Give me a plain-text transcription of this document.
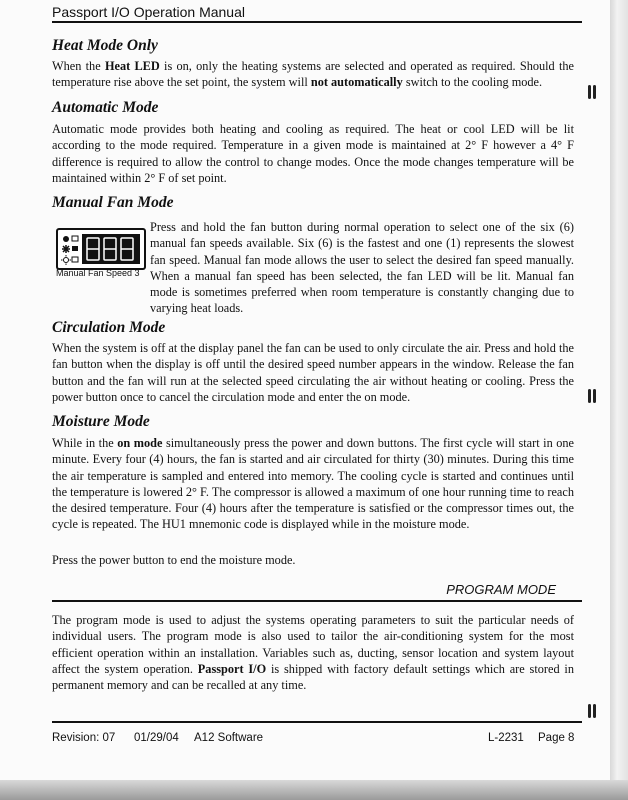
Passport I/O Operation Manual
Heat Mode Only

When the Heat LED is on, only the heating systems are selected and operated as required. Should the temperature rise above the set point, the system will not automatically switch to the cooling mode.

Automatic Mode

Automatic mode provides both heating and cooling as required. The heat or cool LED will be lit according to the mode required. Temperature in a given mode is maintained at 2° F however a 4° F difference is required to allow the control to change modes. Once the mode changes temperature will be maintained within 2° F of set point.

Manual Fan Mode
Manual Fan Speed 3

Press and hold the fan button during normal operation to select one of the six (6) manual fan speeds available. Six (6) is the fastest and one (1) represents the slowest fan speed. Manual fan mode allows the user to select the desired fan speed manually. When a manual fan speed has been selected, the fan LED will be lit. Manual fan mode is sometimes preferred when room temperature is constantly changing due to varying heat loads.

Circulation Mode

When the system is off at the display panel the fan can be used to only circulate the air. Press and hold the fan button when the display is off until the desired speed number appears in the window. Release the fan button and the fan will run at the selected speed circulating the air without heating or cooling. Press the power button once to cancel the circulation mode and enter the on mode.

Moisture Mode

While in the on mode simultaneously press the power and down buttons. The first cycle will start in one minute. Every four (4) hours, the fan is started and air circulated for thirty (30) minutes. During this time the air temperature is sampled and entered into memory. The cooling cycle is started and continues until the temperature is lowered 2° F. The compressor is allowed a maximum of one hour running time to reach the desired temperature. Four (4) hours after the temperature is satisfied or the compressor times out, the cycle is repeated. The HU1 mnemonic code is displayed while in the moisture mode.

Press the power button to end the moisture mode.

PROGRAM MODE

The program mode is used to adjust the systems operating parameters to suit the particular needs of individual users. The program mode is also used to tailor the air-conditioning system for the most efficient operation within an installation. Variables such as, ducting, sensor location and system layout affect the system operation. Passport I/O is shipped with factory default settings which are stored in permanent memory and can be recalled at any time.

Revision: 07 01/29/04 A12 Software	L-2231 Page 8
